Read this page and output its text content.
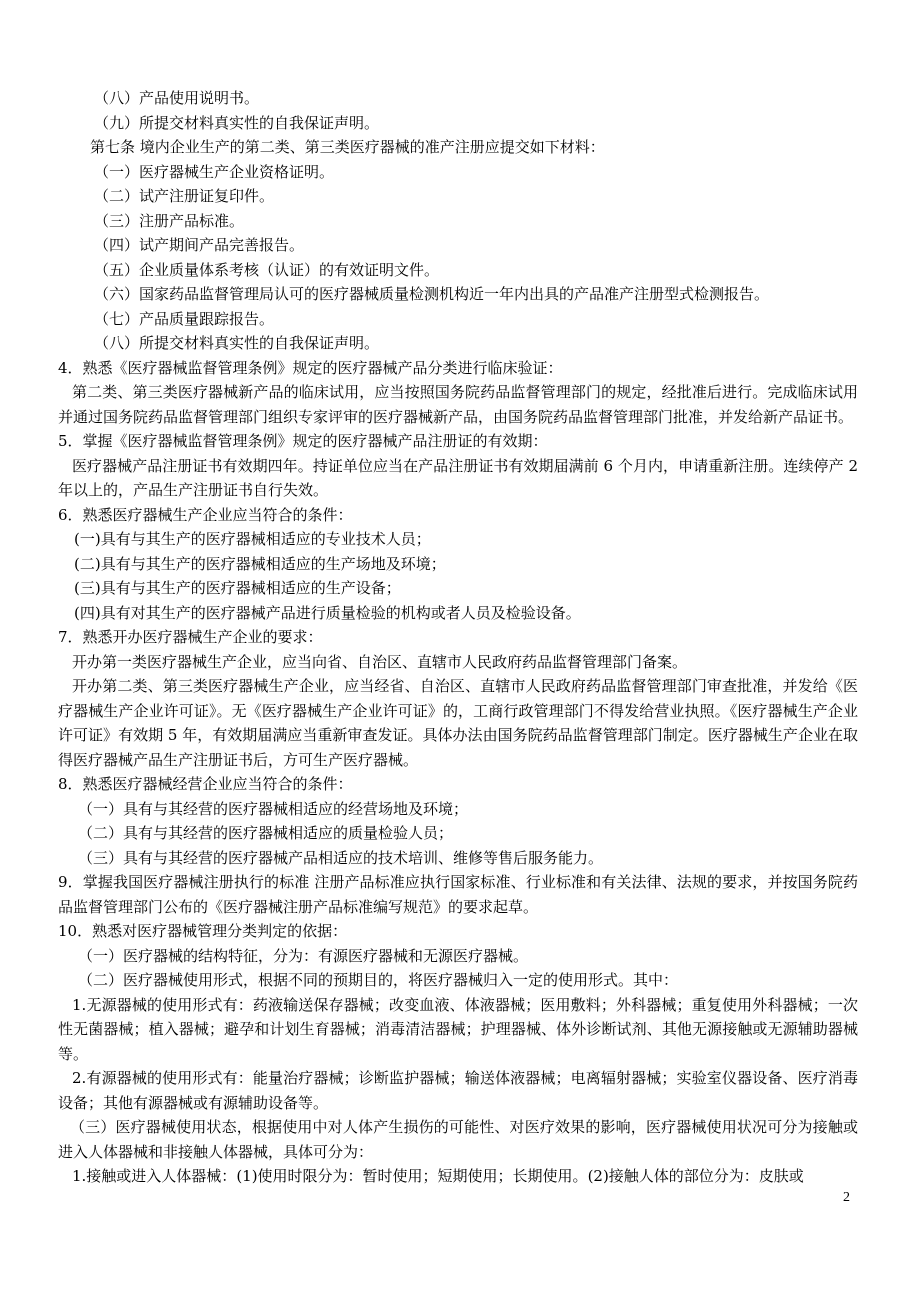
（八）产品使用说明书。

（九）所提交材料真实性的自我保证声明。

第七条 境内企业生产的第二类、第三类医疗器械的准产注册应提交如下材料：

（一）医疗器械生产企业资格证明。

（二）试产注册证复印件。

（三）注册产品标准。

（四）试产期间产品完善报告。

（五）企业质量体系考核（认证）的有效证明文件。

（六）国家药品监督管理局认可的医疗器械质量检测机构近一年内出具的产品准产注册型式检测报告。

（七）产品质量跟踪报告。

（八）所提交材料真实性的自我保证声明。

4．熟悉《医疗器械监督管理条例》规定的医疗器械产品分类进行临床验证：

第二类、第三类医疗器械新产品的临床试用，应当按照国务院药品监督管理部门的规定，经批准后进行。完成临床试用并通过国务院药品监督管理部门组织专家评审的医疗器械新产品，由国务院药品监督管理部门批准，并发给新产品证书。

5．掌握《医疗器械监督管理条例》规定的医疗器械产品注册证的有效期：

医疗器械产品注册证书有效期四年。持证单位应当在产品注册证书有效期届满前 6 个月内，申请重新注册。连续停产 2 年以上的，产品生产注册证书自行失效。

6．熟悉医疗器械生产企业应当符合的条件：

(一)具有与其生产的医疗器械相适应的专业技术人员；

(二)具有与其生产的医疗器械相适应的生产场地及环境；

(三)具有与其生产的医疗器械相适应的生产设备；

(四)具有对其生产的医疗器械产品进行质量检验的机构或者人员及检验设备。

7．熟悉开办医疗器械生产企业的要求：

开办第一类医疗器械生产企业，应当向省、自治区、直辖市人民政府药品监督管理部门备案。

开办第二类、第三类医疗器械生产企业，应当经省、自治区、直辖市人民政府药品监督管理部门审查批准，并发给《医疗器械生产企业许可证》。无《医疗器械生产企业许可证》的，工商行政管理部门不得发给营业执照。《医疗器械生产企业许可证》有效期 5 年，有效期届满应当重新审查发证。具体办法由国务院药品监督管理部门制定。医疗器械生产企业在取得医疗器械产品生产注册证书后，方可生产医疗器械。

8．熟悉医疗器械经营企业应当符合的条件：

（一）具有与其经营的医疗器械相适应的经营场地及环境；

（二）具有与其经营的医疗器械相适应的质量检验人员；

（三）具有与其经营的医疗器械产品相适应的技术培训、维修等售后服务能力。

9．掌握我国医疗器械注册执行的标准 注册产品标准应执行国家标准、行业标准和有关法律、法规的要求，并按国务院药品监督管理部门公布的《医疗器械注册产品标准编写规范》的要求起草。

10．熟悉对医疗器械管理分类判定的依据：

（一）医疗器械的结构特征，分为：有源医疗器械和无源医疗器械。

（二）医疗器械使用形式，根据不同的预期目的，将医疗器械归入一定的使用形式。其中：

1.无源器械的使用形式有：药液输送保存器械；改变血液、体液器械；医用敷料；外科器械；重复使用外科器械；一次性无菌器械；植入器械；避孕和计划生育器械；消毒清洁器械；护理器械、体外诊断试剂、其他无源接触或无源辅助器械等。

2.有源器械的使用形式有：能量治疗器械；诊断监护器械；输送体液器械；电离辐射器械；实验室仪器设备、医疗消毒设备；其他有源器械或有源辅助设备等。

（三）医疗器械使用状态，根据使用中对人体产生损伤的可能性、对医疗效果的影响，医疗器械使用状况可分为接触或进入人体器械和非接触人体器械，具体可分为：

1.接触或进入人体器械：(1)使用时限分为：暂时使用；短期使用；长期使用。(2)接触人体的部位分为：皮肤或

2
